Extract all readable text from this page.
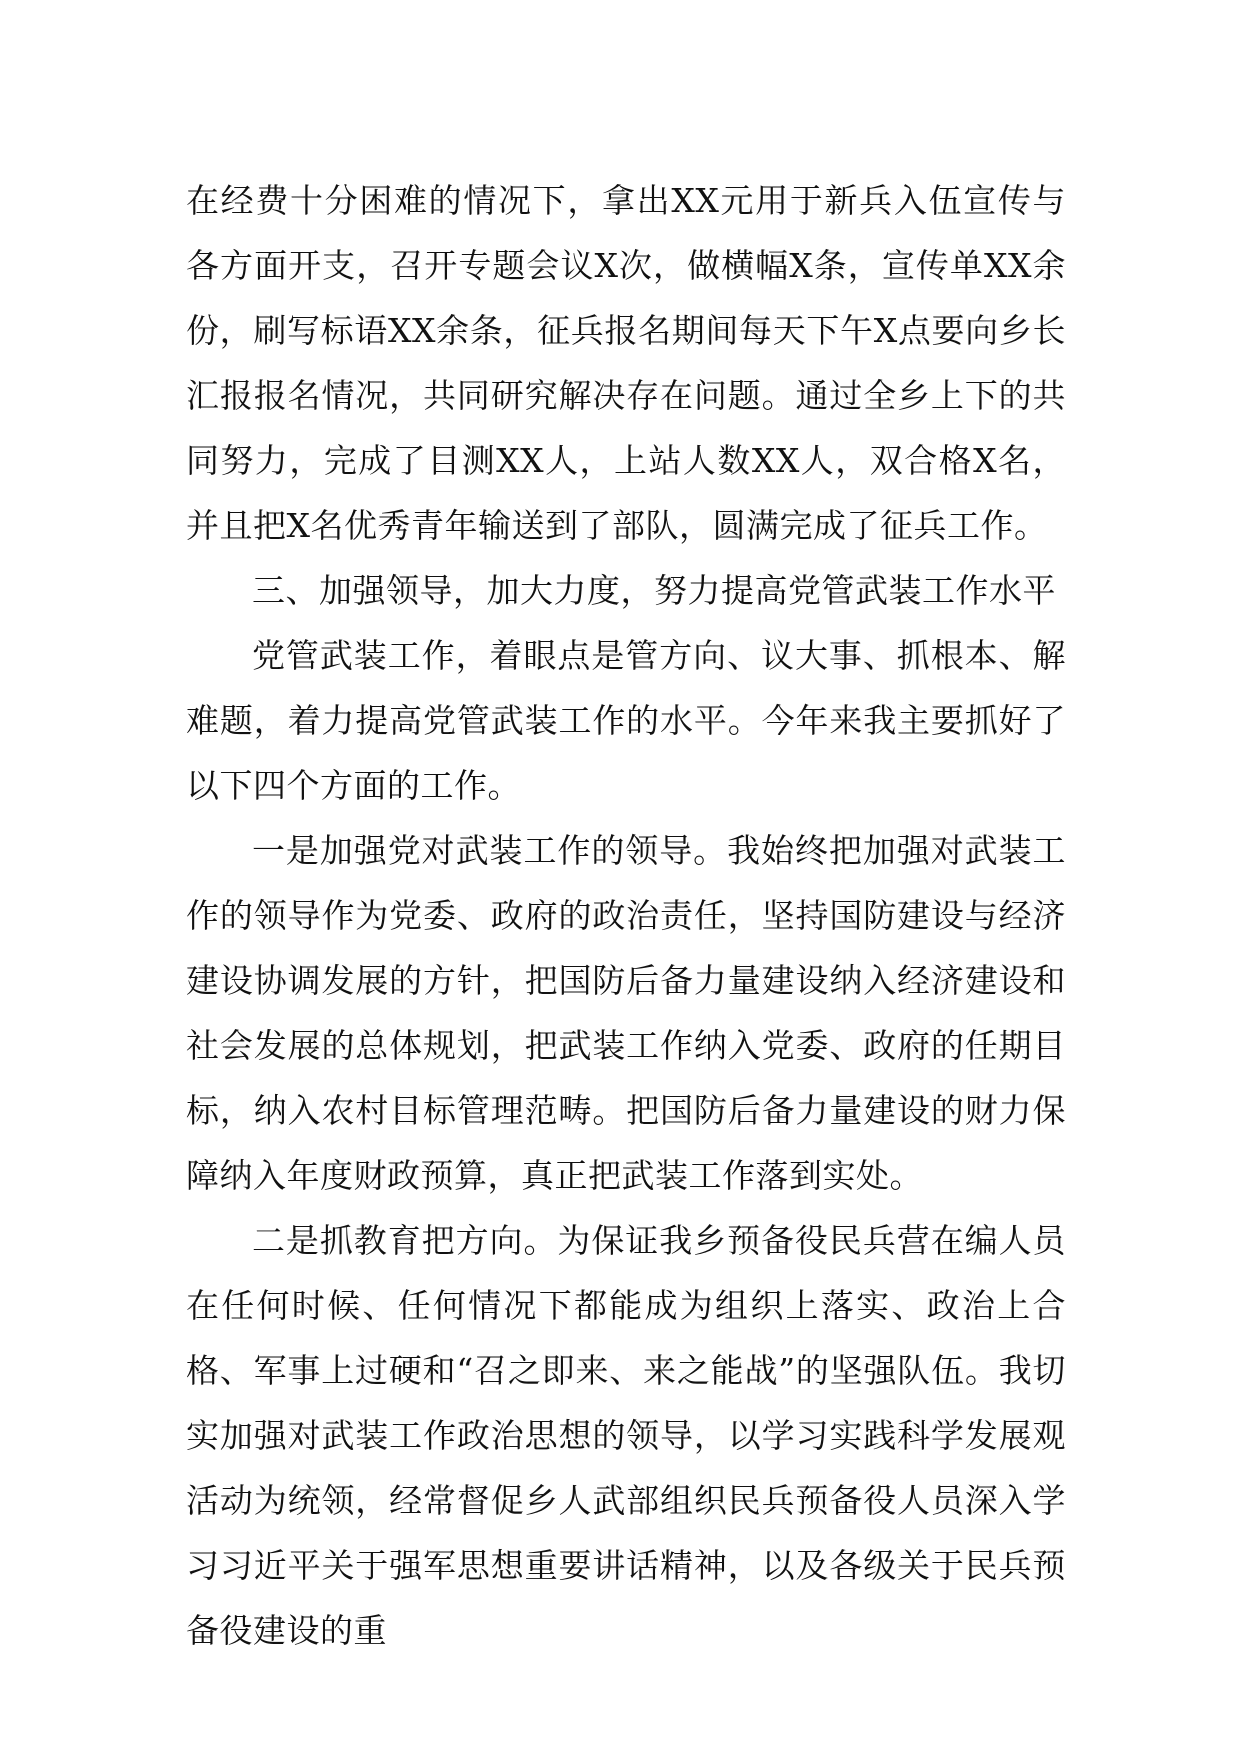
在经费十分困难的情况下，拿出XX元用于新兵入伍宣传与各方面开支，召开专题会议X次，做横幅X条，宣传单XX余份，刷写标语XX余条，征兵报名期间每天下午X点要向乡长汇报报名情况，共同研究解决存在问题。通过全乡上下的共同努力，完成了目测XX人，上站人数XX人，双合格X名，并且把X名优秀青年输送到了部队，圆满完成了征兵工作。

三、加强领导，加大力度，努力提高党管武装工作水平

党管武装工作，着眼点是管方向、议大事、抓根本、解难题，着力提高党管武装工作的水平。今年来我主要抓好了以下四个方面的工作。

一是加强党对武装工作的领导。我始终把加强对武装工作的领导作为党委、政府的政治责任，坚持国防建设与经济建设协调发展的方针，把国防后备力量建设纳入经济建设和社会发展的总体规划，把武装工作纳入党委、政府的任期目标，纳入农村目标管理范畴。把国防后备力量建设的财力保障纳入年度财政预算，真正把武装工作落到实处。

二是抓教育把方向。为保证我乡预备役民兵营在编人员在任何时候、任何情况下都能成为组织上落实、政治上合格、军事上过硬和“召之即来、来之能战”的坚强队伍。我切实加强对武装工作政治思想的领导，以学习实践科学发展观活动为统领，经常督促乡人武部组织民兵预备役人员深入学习习近平关于强军思想重要讲话精神，以及各级关于民兵预备役建设的重
